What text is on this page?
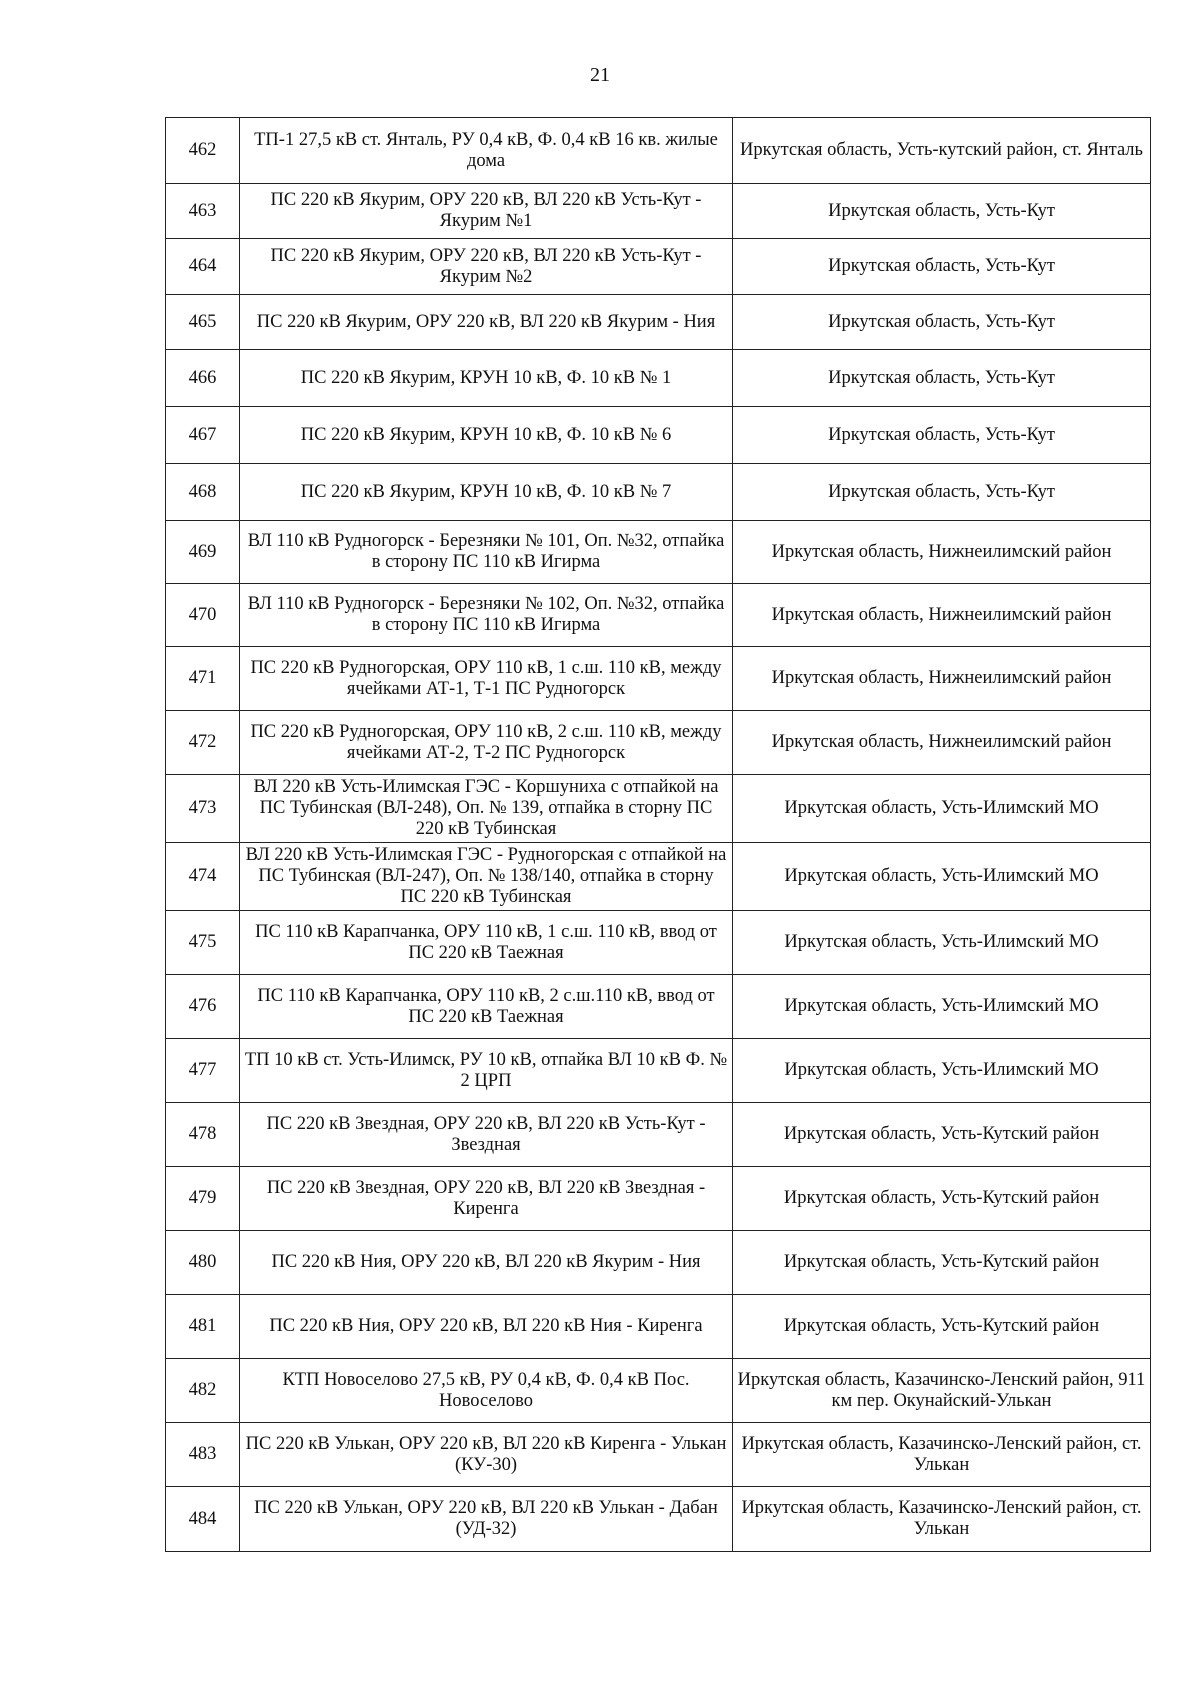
21
462	ТП-1 27,5 кВ ст. Янталь, РУ 0,4 кВ, Ф. 0,4 кВ 16 кв. жилые дома	Иркутская область, Усть-кутский район, ст. Янталь
463	ПС 220 кВ Якурим, ОРУ 220 кВ, ВЛ 220 кВ Усть-Кут - Якурим №1	Иркутская область, Усть-Кут
464	ПС 220 кВ Якурим, ОРУ 220 кВ, ВЛ 220 кВ Усть-Кут - Якурим №2	Иркутская область, Усть-Кут
465	ПС 220 кВ Якурим, ОРУ 220 кВ, ВЛ 220 кВ Якурим - Ния	Иркутская область, Усть-Кут
466	ПС 220 кВ Якурим, КРУН 10 кВ, Ф. 10 кВ № 1	Иркутская область, Усть-Кут
467	ПС 220 кВ Якурим, КРУН 10 кВ, Ф. 10 кВ № 6	Иркутская область, Усть-Кут
468	ПС 220 кВ Якурим, КРУН 10 кВ, Ф. 10 кВ № 7	Иркутская область, Усть-Кут
469	ВЛ 110 кВ Рудногорск - Березняки № 101, Оп. №32, отпайка в сторону ПС 110 кВ Игирма	Иркутская область, Нижнеилимский район
470	ВЛ 110 кВ Рудногорск - Березняки № 102, Оп. №32, отпайка в сторону ПС 110 кВ Игирма	Иркутская область, Нижнеилимский район
471	ПС 220 кВ Рудногорская, ОРУ 110 кВ, 1 с.ш. 110 кВ, между ячейками АТ-1, Т-1 ПС Рудногорск	Иркутская область, Нижнеилимский район
472	ПС 220 кВ Рудногорская, ОРУ 110 кВ, 2 с.ш. 110 кВ, между ячейками АТ-2, Т-2 ПС Рудногорск	Иркутская область, Нижнеилимский район
473	ВЛ 220 кВ Усть-Илимская ГЭС - Коршуниха с отпайкой на ПС Тубинская (ВЛ-248), Оп. № 139, отпайка в сторну ПС 220 кВ Тубинская	Иркутская область, Усть-Илимский МО
474	ВЛ 220 кВ Усть-Илимская ГЭС - Рудногорская с отпайкой на ПС Тубинская (ВЛ-247), Оп. № 138/140, отпайка в сторну ПС 220 кВ Тубинская	Иркутская область, Усть-Илимский МО
475	ПС 110 кВ Карапчанка, ОРУ 110 кВ, 1 с.ш. 110 кВ, ввод от ПС 220 кВ Таежная	Иркутская область, Усть-Илимский МО
476	ПС 110 кВ Карапчанка, ОРУ 110 кВ, 2 с.ш.110 кВ, ввод от ПС 220 кВ Таежная	Иркутская область, Усть-Илимский МО
477	ТП 10 кВ ст. Усть-Илимск, РУ 10 кВ, отпайка ВЛ 10 кВ Ф. № 2 ЦРП	Иркутская область, Усть-Илимский МО
478	ПС 220 кВ Звездная, ОРУ 220 кВ, ВЛ 220 кВ Усть-Кут - Звездная	Иркутская область, Усть-Кутский район
479	ПС 220 кВ Звездная, ОРУ 220 кВ, ВЛ 220 кВ Звездная - Киренга	Иркутская область, Усть-Кутский район
480	ПС 220 кВ Ния, ОРУ 220 кВ, ВЛ 220 кВ Якурим - Ния	Иркутская область, Усть-Кутский район
481	ПС 220 кВ Ния, ОРУ 220 кВ, ВЛ 220 кВ Ния - Киренга	Иркутская область, Усть-Кутский район
482	КТП Новоселово 27,5 кВ, РУ 0,4 кВ, Ф. 0,4 кВ Пос. Новоселово	Иркутская область, Казачинско-Ленский район, 911 км пер. Окунайский-Улькан
483	ПС 220 кВ Улькан, ОРУ 220 кВ, ВЛ 220 кВ Киренга - Улькан (КУ-30)	Иркутская область, Казачинско-Ленский район, ст. Улькан
484	ПС 220 кВ Улькан, ОРУ 220 кВ, ВЛ 220 кВ Улькан - Дабан (УД-32)	Иркутская область, Казачинско-Ленский район, ст. Улькан
